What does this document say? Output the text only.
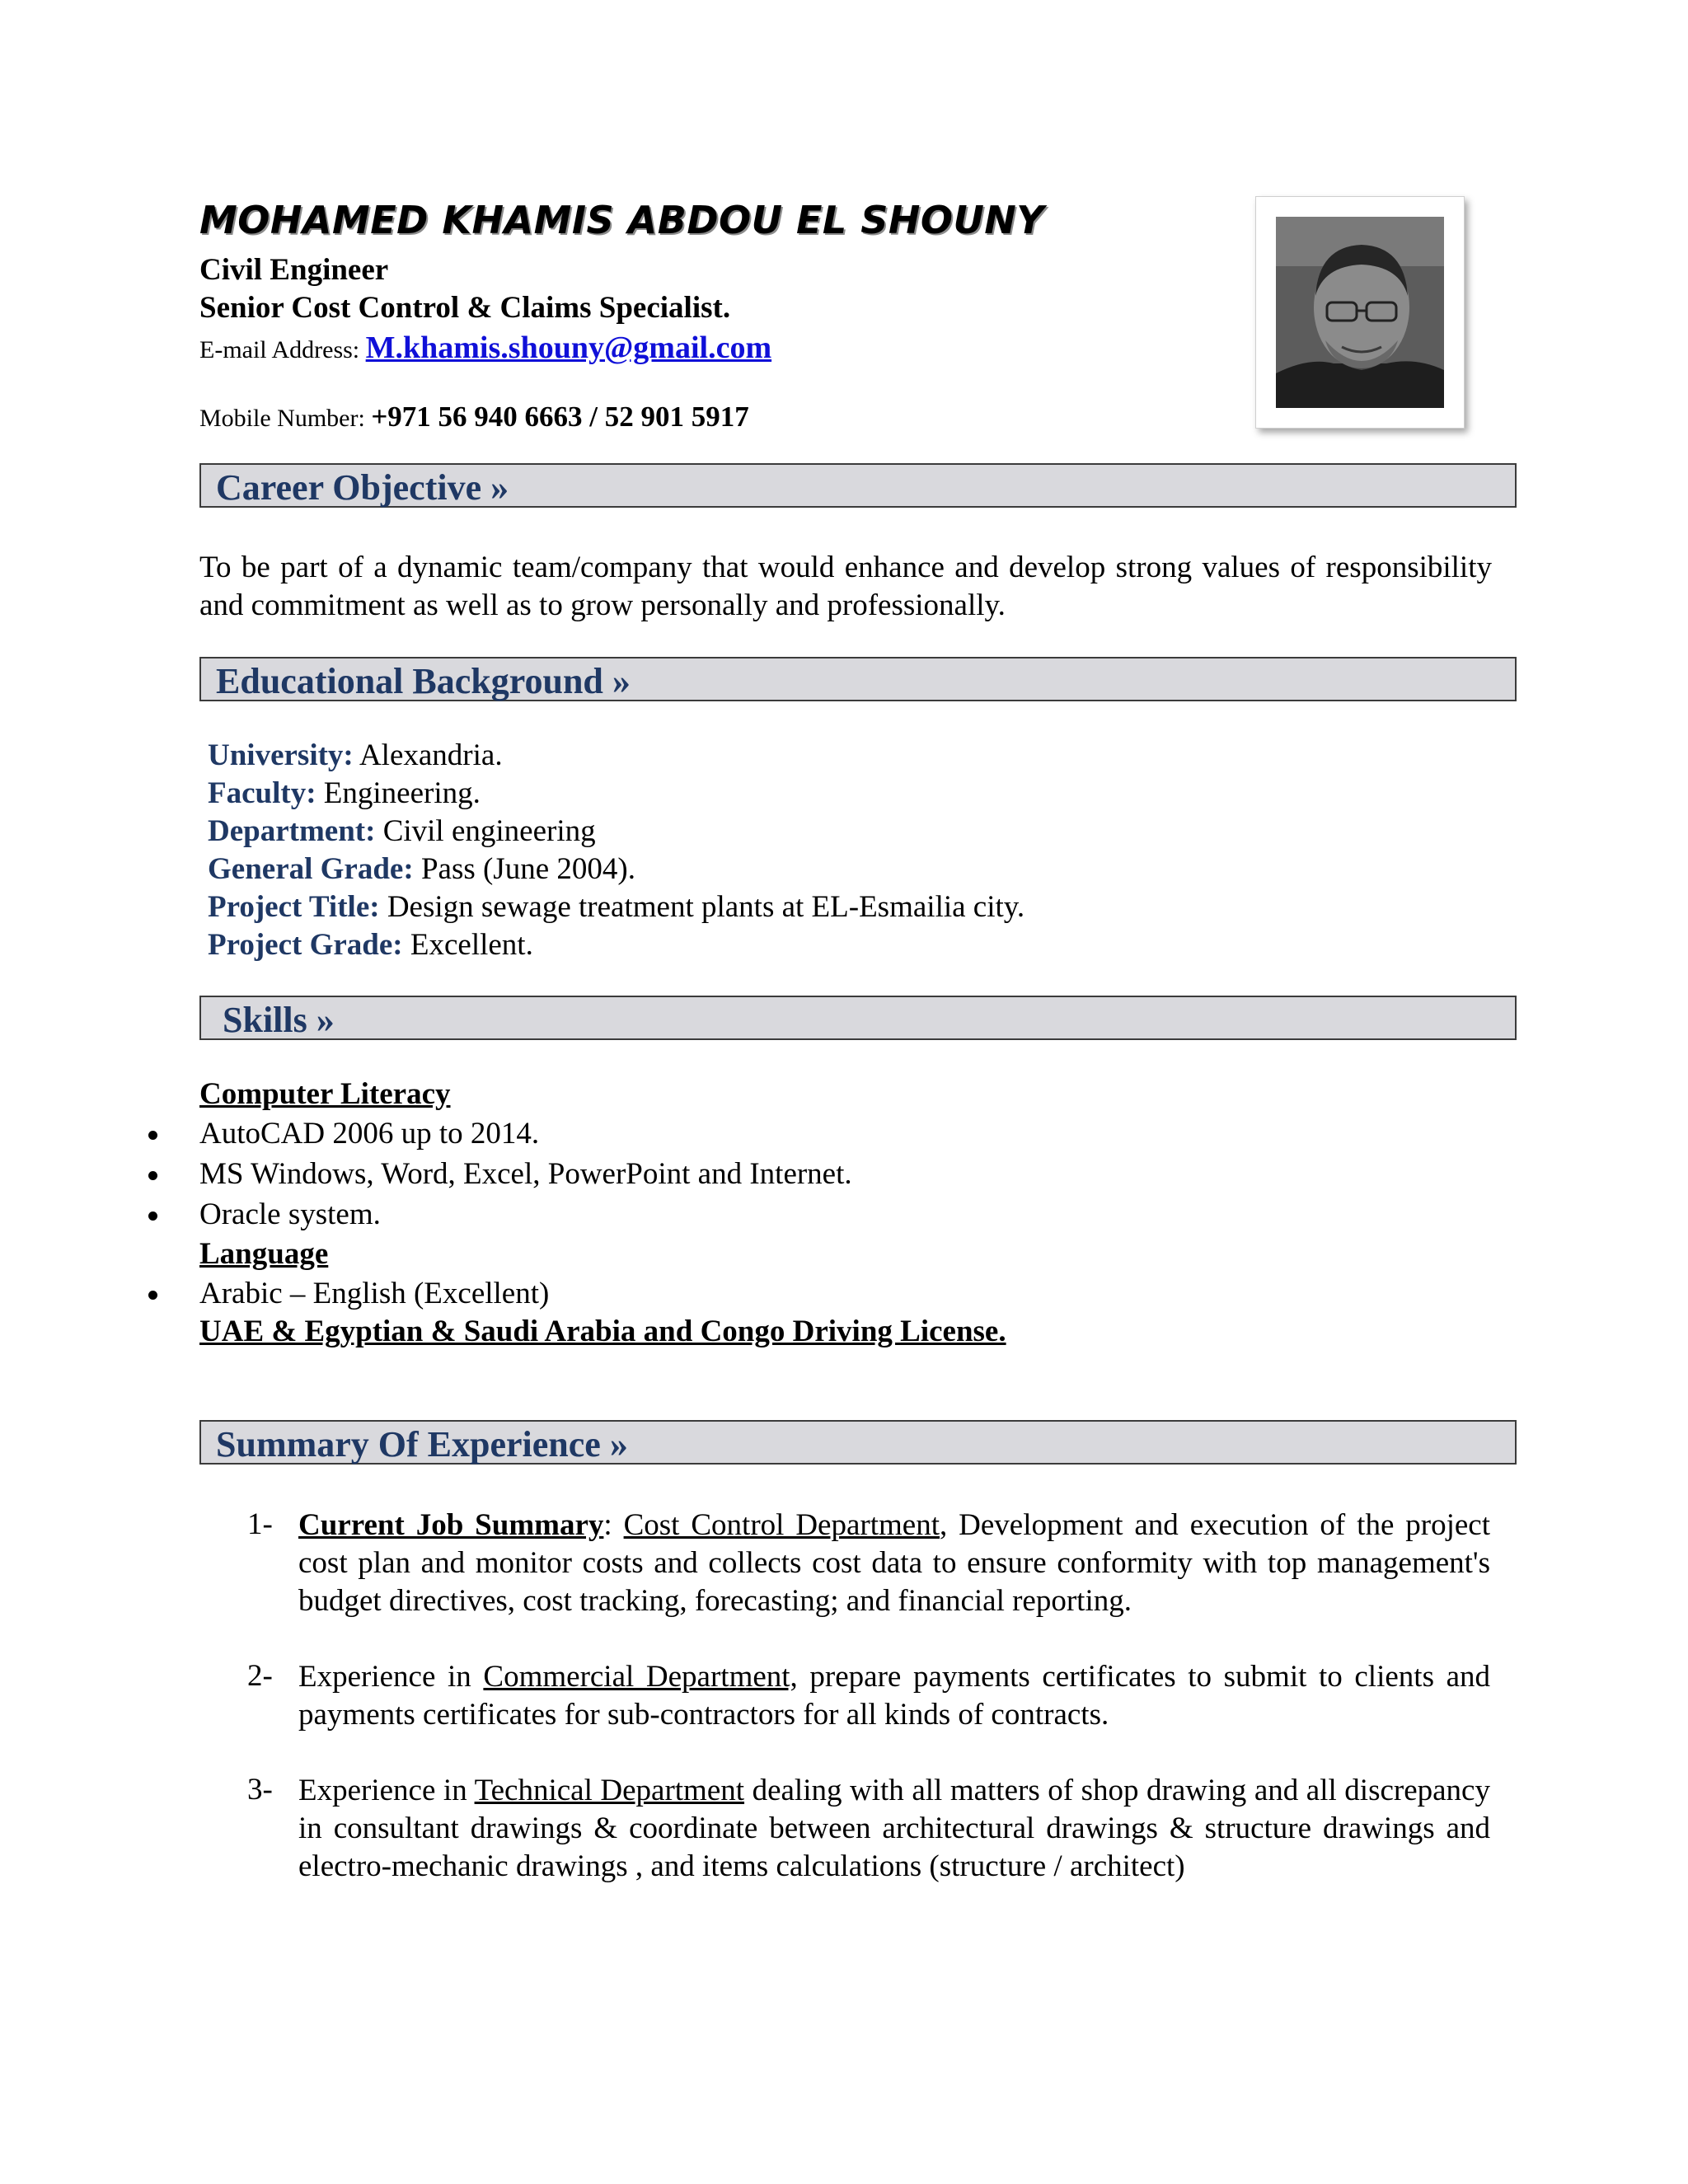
MOHAMED KHAMIS ABDOU EL SHOUNY
Civil Engineer
Senior Cost Control & Claims Specialist.
E-mail Address: M.khamis.shouny@gmail.com
Mobile Number: +971 56 940 6663 / 52 901 5917
Career Objective »
To be part of a dynamic team/company that would enhance and develop strong values of responsibility and commitment as well as to grow personally and professionally.
Educational Background »
University: Alexandria.
Faculty: Engineering.
Department: Civil engineering
General Grade: Pass (June 2004).
Project Title: Design sewage treatment plants at EL-Esmailia city.
Project Grade: Excellent.
Skills »
Computer Literacy
AutoCAD 2006 up to 2014.
MS Windows, Word, Excel, PowerPoint and Internet.
Oracle system.
Language
Arabic – English (Excellent)
UAE & Egyptian & Saudi Arabia and Congo Driving License.
Summary Of Experience »
1- Current Job Summary: Cost Control Department, Development and execution of the project cost plan and monitor costs and collects cost data to ensure conformity with top management's budget directives, cost tracking, forecasting; and financial reporting.
2- Experience in Commercial Department, prepare payments certificates to submit to clients and payments certificates for sub-contractors for all kinds of contracts.
3- Experience in Technical Department dealing with all matters of shop drawing and all discrepancy in consultant drawings & coordinate between architectural drawings & structure drawings and electro-mechanic drawings , and items calculations (structure / architect)
